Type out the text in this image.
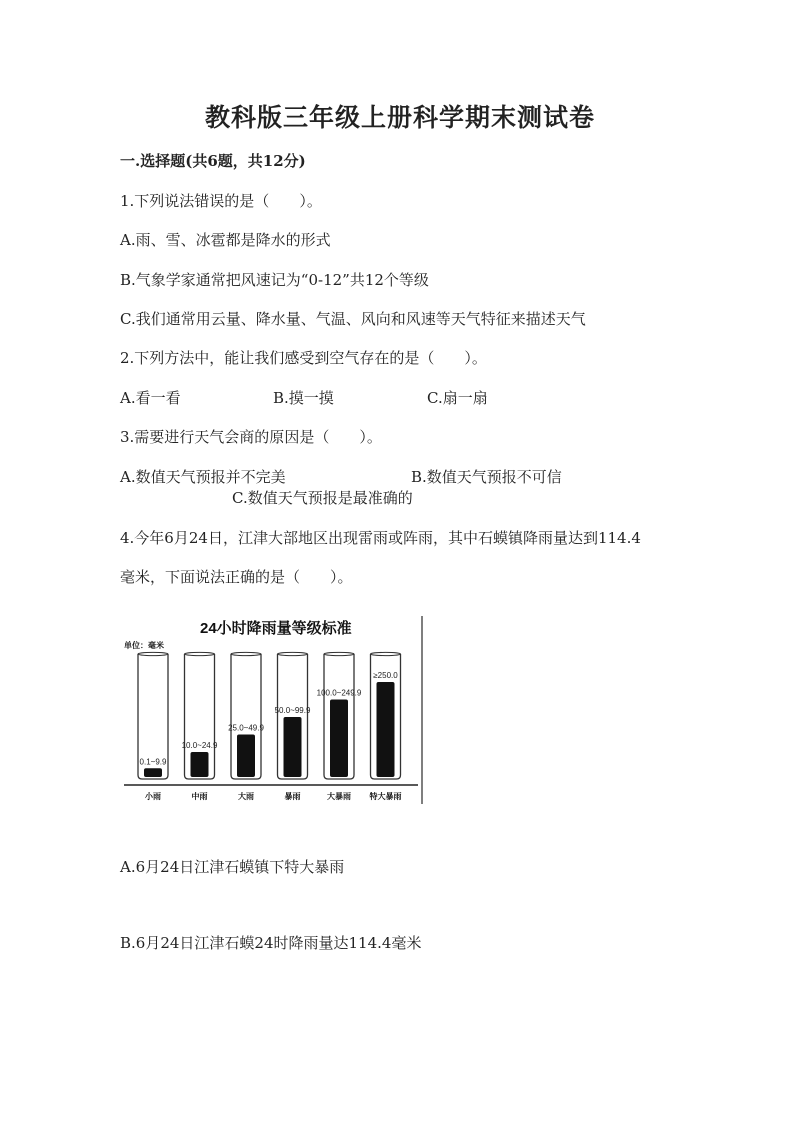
教科版三年级上册科学期末测试卷
一.选择题(共6题，共12分)
1.下列说法错误的是（　　）。
A.雨、雪、冰雹都是降水的形式
B.气象学家通常把风速记为“0-12”共12个等级
C.我们通常用云量、降水量、气温、风向和风速等天气特征来描述天气
2.下列方法中，能让我们感受到空气存在的是（　　）。
A.看一看	B.摸一摸	C.扇一扇
3.需要进行天气会商的原因是（　　）。
A.数值天气预报并不完美	B.数值天气预报不可信
C.数值天气预报是最准确的
4.今年6月24日，江津大部地区出现雷雨或阵雨，其中石蟆镇降雨量达到114.4
毫米，下面说法正确的是（　　）。
24小时降雨量等级标准
单位：毫米
0.1~9.9
小雨
10.0~24.9
中雨
25.0~49.9
大雨
50.0~99.9
暴雨
100.0~249.9
大暴雨
≥250.0
特大暴雨
A.6月24日江津石蟆镇下特大暴雨
B.6月24日江津石蟆24时降雨量达114.4毫米
